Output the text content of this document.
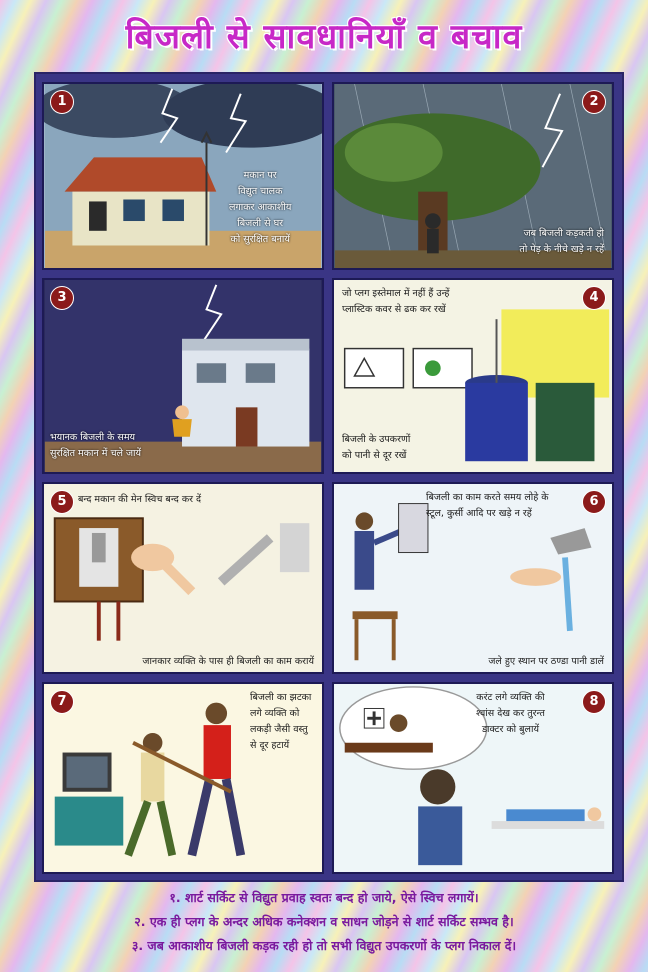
बिजली से सावधानियाँ व बचाव
1
मकान पर
विद्युत चालक
लगाकर आकाशीय
बिजली से घर
को सुरक्षित बनायें
2
जब बिजली कड़कती हो
तो पेड़ के नीचे खड़े न रहें
3
भयानक बिजली के समय
सुरक्षित मकान में चले जायें
4
जो प्लग इस्तेमाल में नहीं हैं उन्हें
प्लास्टिक कवर से ढक कर रखें
बिजली के उपकरणों
को पानी से दूर रखें
5	बन्द मकान की मेन स्विच बन्द कर दें
जानकार व्यक्ति के पास ही बिजली का काम करायें
6
बिजली का काम करते समय लोहे के
स्टूल, कुर्सी आदि पर खड़े न रहें
जले हुए स्थान पर ठण्डा पानी डालें
7	बिजली का झटका
लगे व्यक्ति को
लकड़ी जैसी वस्तु
से दूर हटायें
8
करंट लगे व्यक्ति की
श्वांस देख कर तुरन्त
डाक्टर को बुलायें
१. शार्ट सर्किट से विद्युत प्रवाह स्वतः बन्द हो जाये, ऐसे स्विच लगायें।
२. एक ही प्लग के अन्दर अधिक कनेक्शन व साधन जोड़ने से शार्ट सर्किट सम्भव है।
३. जब आकाशीय बिजली कड़क रही हो तो सभी विद्युत उपकरणों के प्लग निकाल दें।
